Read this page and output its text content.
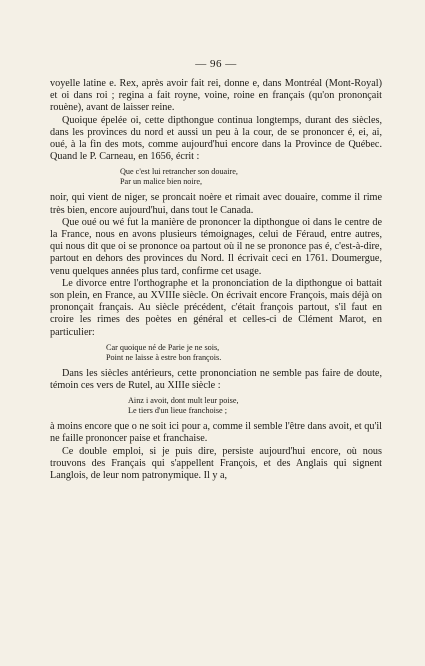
— 96 —

voyelle latine e. Rex, après avoir fait rei, donne e, dans Montréal (Mont-Royal) et oi dans roi ; regina a fait royne, voine, roine en français (qu'on prononçait rouène), avant de laisser reine.

Quoique épelée oi, cette dipthongue continua longtemps, durant des siècles, dans les provinces du nord et aussi un peu à la cour, de se prononcer é, ei, ai, oué, à la fin des mots, comme aujourd'hui encore dans la Province de Québec. Quand le P. Carneau, en 1656, écrit :

Que c'est lui retrancher son douaire,
Par un malice bien noire,

noir, qui vient de niger, se proncait noère et rimait avec douaire, comme il rime très bien, encore aujourd'hui, dans tout le Canada.

Que oué ou wé fut la manière de prononcer la dipthongue oi dans le centre de la France, nous en avons plusieurs témoignages, celui de Féraud, entre autres, qui nous dit que oi se prononce oa partout où il ne se prononce pas é, c'est-à-dire, partout en dehors des provinces du Nord. Il écrivait ceci en 1761. Doumergue, venu quelques années plus tard, confirme cet usage.

Le divorce entre l'orthographe et la prononciation de la dipthongue oi battait son plein, en France, au XVIIIe siècle. On écrivait encore François, mais déjà on prononçait français. Au siècle précédent, c'était françois partout, s'il faut en croire les rimes des poètes en général et celles-ci de Clément Marot, en particulier:

Car quoique né de Parie je ne sois,
Point ne laisse à estre bon françois.

Dans les siècles antérieurs, cette prononciation ne semble pas faire de doute, témoin ces vers de Rutel, au XIIIe siècle :

Ainz i avoit, dont mult leur poise,
Le tiers d'un lieue franchoise ;

à moins encore que o ne soit ici pour a, comme il semble l'être dans avoit, et qu'il ne faille prononcer paise et franchaise.

Ce double emploi, si je puis dire, persiste aujourd'hui encore, où nous trouvons des Français qui s'appellent François, et des Anglais qui signent Langlois, de leur nom patronymique. Il y a,
